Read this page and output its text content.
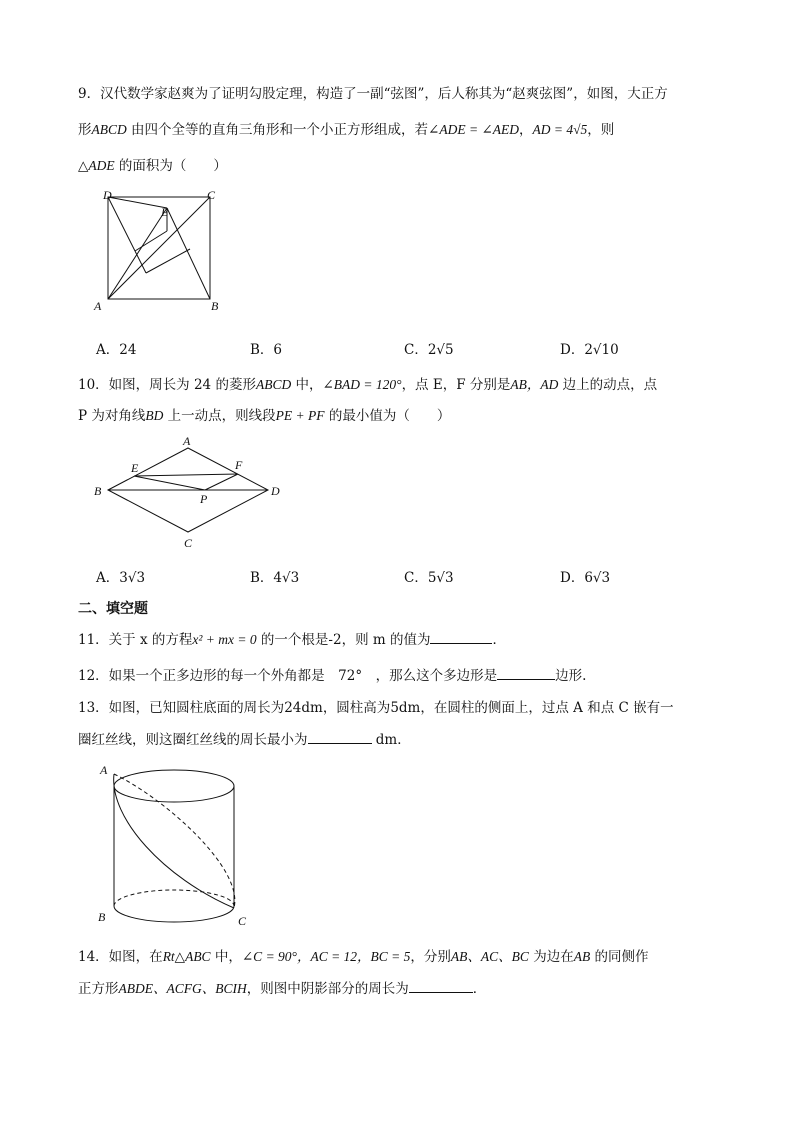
9．汉代数学家赵爽为了证明勾股定理，构造了一副“弦图”，后人称其为“赵爽弦图”，如图，大正方
形ABCD 由四个全等的直角三角形和一个小正方形组成，若∠ADE = ∠AED，AD = 4√5，则
△ADE 的面积为（　　）
D	C
E
A	B
A．24	B．6	C．2√5	D．2√10
10．如图，周长为 24 的菱形ABCD 中，∠BAD = 120°，点 E，F 分别是AB，AD 边上的动点，点
P 为对角线BD 上一动点，则线段PE + PF 的最小值为（　　）
A
E	F
B	D
P
C
A．3√3	B．4√3	C．5√3	D．6√3
二、填空题
11．关于 x 的方程x² + mx = 0 的一个根是-2，则 m 的值为	．
12．如果一个正多边形的每一个外角都是　72°　，那么这个多边形是	边形.
13．如图，已知圆柱底面的周长为24dm，圆柱高为5dm，在圆柱的侧面上，过点 A 和点 C 嵌有一
圈红丝线，则这圈红丝线的周长最小为	dm．
A
B	C
14．如图，在Rt△ABC 中，∠C = 90°，AC = 12，BC = 5，分别AB、AC、BC 为边在AB 的同侧作
正方形ABDE、ACFG、BCIH，则图中阴影部分的周长为	．
